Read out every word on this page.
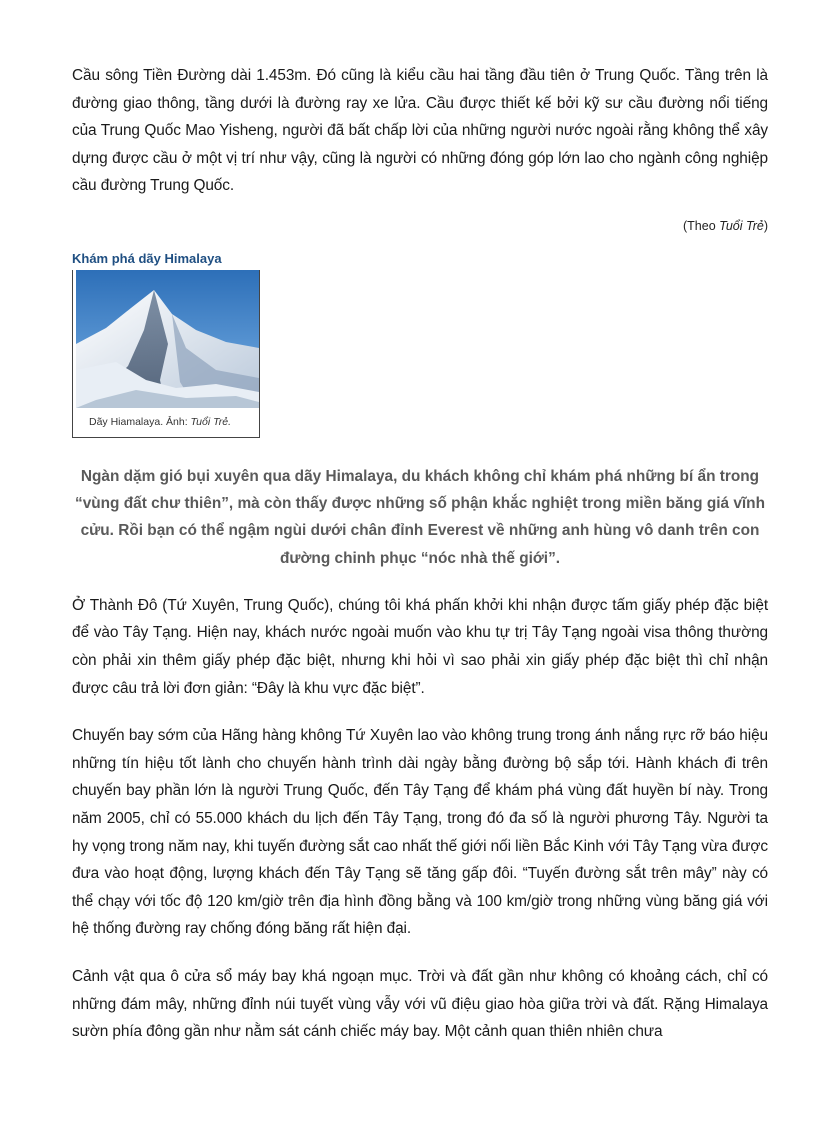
Cầu sông Tiền Đường dài 1.453m. Đó cũng là kiểu cầu hai tầng đầu tiên ở Trung Quốc. Tầng trên là đường giao thông, tầng dưới là đường ray xe lửa. Cầu được thiết kế bởi kỹ sư cầu đường nổi tiếng của Trung Quốc Mao Yisheng, người đã bất chấp lời của những người nước ngoài rằng không thể xây dựng được cầu ở một vị trí như vậy, cũng là người có những đóng góp lớn lao cho ngành công nghiệp cầu đường Trung Quốc.

(Theo Tuổi Trẻ)
Khám phá dãy Himalaya
Dãy Hiamalaya. Ảnh: Tuổi Trẻ.

Ngàn dặm gió bụi xuyên qua dãy Himalaya, du khách không chỉ khám phá những bí ẩn trong “vùng đất chư thiên”, mà còn thấy được những số phận khắc nghiệt trong miền băng giá vĩnh cửu. Rồi bạn có thể ngậm ngùi dưới chân đỉnh Everest về những anh hùng vô danh trên con đường chinh phục “nóc nhà thế giới”.

Ở Thành Đô (Tứ Xuyên, Trung Quốc), chúng tôi khá phấn khởi khi nhận được tấm giấy phép đặc biệt để vào Tây Tạng. Hiện nay, khách nước ngoài muốn vào khu tự trị Tây Tạng ngoài visa thông thường còn phải xin thêm giấy phép đặc biệt, nhưng khi hỏi vì sao phải xin giấy phép đặc biệt thì chỉ nhận được câu trả lời đơn giản: “Đây là khu vực đặc biệt”.

Chuyến bay sớm của Hãng hàng không Tứ Xuyên lao vào không trung trong ánh nắng rực rỡ báo hiệu những tín hiệu tốt lành cho chuyến hành trình dài ngày bằng đường bộ sắp tới. Hành khách đi trên chuyến bay phần lớn là người Trung Quốc, đến Tây Tạng để khám phá vùng đất huyền bí này. Trong năm 2005, chỉ có 55.000 khách du lịch đến Tây Tạng, trong đó đa số là người phương Tây. Người ta hy vọng trong năm nay, khi tuyến đường sắt cao nhất thế giới nối liền Bắc Kinh với Tây Tạng vừa được đưa vào hoạt động, lượng khách đến Tây Tạng sẽ tăng gấp đôi. “Tuyến đường sắt trên mây” này có thể chạy với tốc độ 120 km/giờ trên địa hình đồng bằng và 100 km/giờ trong những vùng băng giá với hệ thống đường ray chống đóng băng rất hiện đại.

Cảnh vật qua ô cửa sổ máy bay khá ngoạn mục. Trời và đất gần như không có khoảng cách, chỉ có những đám mây, những đỉnh núi tuyết vùng vẫy với vũ điệu giao hòa giữa trời và đất. Rặng Himalaya sườn phía đông gần như nằm sát cánh chiếc máy bay. Một cảnh quan thiên nhiên chưa
